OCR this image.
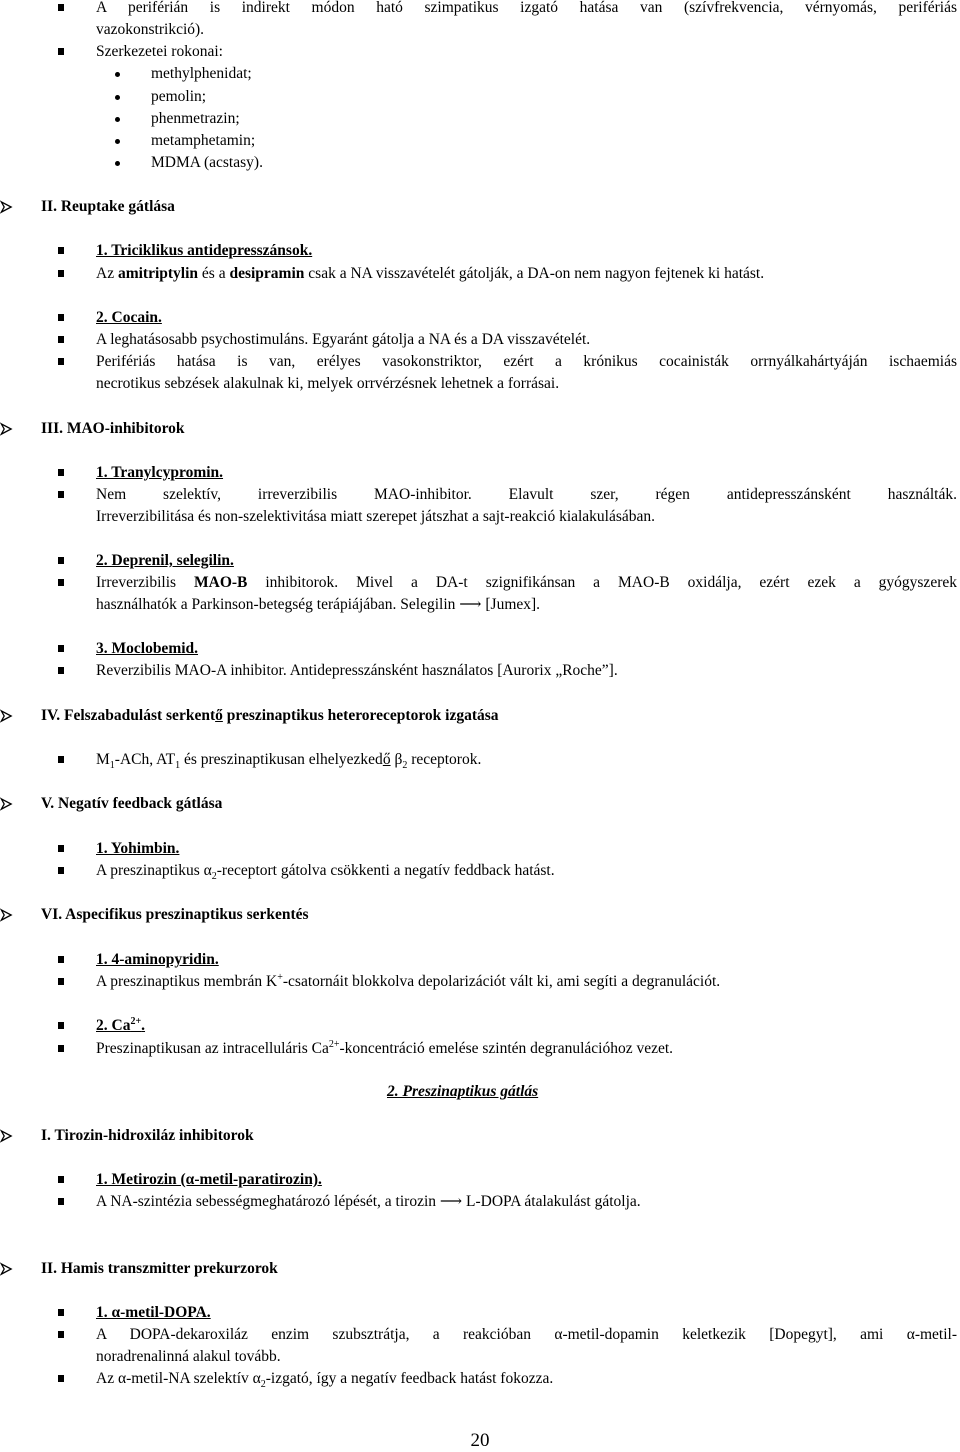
A periférián is indirekt módon ható szimpatikus izgató hatása van (szívfrekvencia, vérnyomás, perifériás
vazokonstrikció).
Szerkezetei rokonai:
methylphenidat;
pemolin;
phenmetrazin;
metamphetamin;
MDMA (acstasy).
II. Reuptake gátlása
1. Triciklikus antidepresszánsok.
Az amitriptylin és a desipramin csak a NA visszavételét gátolják, a DA-on nem nagyon fejtenek ki hatást.
2. Cocain.
A leghatásosabb psychostimuláns. Egyaránt gátolja a NA és a DA visszavételét.
Perifériás hatása is van, erélyes vasokonstriktor, ezért a krónikus cocainisták orrnyálkahártyáján ischaemiás
necrotikus sebzések alakulnak ki, melyek orrvérzésnek lehetnek a forrásai.
III. MAO-inhibitorok
1. Tranylcypromin.
Nem szelektív, irreverzibilis MAO-inhibitor. Elavult szer, régen antidepresszánsként használták.
Irreverzibilitása és non-szelektivitása miatt szerepet játszhat a sajt-reakció kialakulásában.
2. Deprenil, selegilin.
Irreverzibilis MAO-B inhibitorok. Mivel a DA-t szignifikánsan a MAO-B oxidálja, ezért ezek a gyógyszerek
használhatók a Parkinson-betegség terápiájában. Selegilin ⟶ [Jumex].
3. Moclobemid.
Reverzibilis MAO-A inhibitor. Antidepresszánsként használatos [Aurorix „Roche”].
IV. Felszabadulást serkentő preszinaptikus heteroreceptorok izgatása
$M_1$-ACh, $AT_1$ és preszinaptikusan elhelyezkedő $\beta_2$ receptorok.
V. Negatív feedback gátlása
1. Yohimbin.
A preszinaptikus $\alpha_2$-receptort gátolva csökkenti a negatív feddback hatást.
VI. Aspecifikus preszinaptikus serkentés
1. 4-aminopyridin.
A preszinaptikus membrán K+-csatornáit blokkolva depolarizációt vált ki, ami segíti a degranulációt.
2. $Ca^{2+}$.
Preszinaptikusan az intracelluláris $Ca^{2+}$-koncentráció emelése szintén degranulációhoz vezet.
2. Preszinaptikus gátlás
I. Tirozin-hidroxiláz inhibitorok
1. Metirozin (α-metil-paratirozin).
A NA-szintézia sebességmeghatározó lépését, a tirozin ⟶ L-DOPA átalakulást gátolja.
II. Hamis transzmitter prekurzorok
1. α-metil-DOPA.
A DOPA-dekaroxiláz enzim szubsztrátja, a reakcióban α-metil-dopamin keletkezik [Dopegyt], ami α-metil-
noradrenalinná alakul tovább.
Az α-metil-NA szelektív $\alpha_2$-izgató, így a negatív feedback hatást fokozza.
20
